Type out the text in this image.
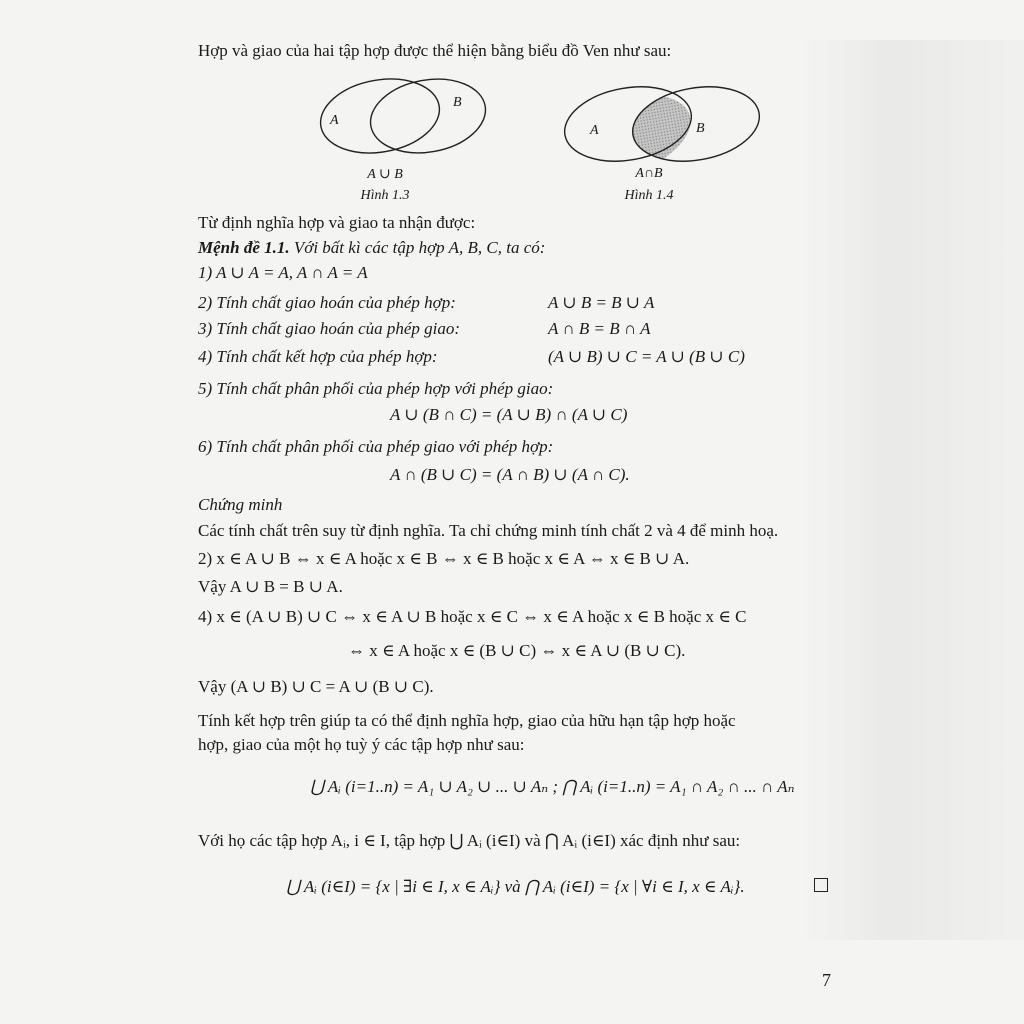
Hợp và giao của hai tập hợp được thể hiện bằng biểu đồ Ven như sau:
A
B
A ∪ B
Hình 1.3
A	B
A∩B
Hình 1.4
Từ định nghĩa hợp và giao ta nhận được:
Mệnh đề 1.1. Với bất kì các tập hợp A, B, C, ta có:
1) A ∪ A = A, A ∩ A = A
2) Tính chất giao hoán của phép hợp:	A ∪ B = B ∪ A
3) Tính chất giao hoán của phép giao:	A ∩ B = B ∩ A
4) Tính chất kết hợp của phép hợp:	(A ∪ B) ∪ C = A ∪ (B ∪ C)
5) Tính chất phân phối của phép hợp với phép giao:
A ∪ (B ∩ C) = (A ∪ B) ∩ (A ∪ C)
6) Tính chất phân phối của phép giao với phép hợp:
A ∩ (B ∪ C) = (A ∩ B) ∪ (A ∩ C).
Chứng minh
Các tính chất trên suy từ định nghĩa. Ta chỉ chứng minh tính chất 2 và 4 để minh hoạ.
2) x ∈ A ∪ B ⇔ x ∈ A hoặc x ∈ B ⇔ x ∈ B hoặc x ∈ A ⇔ x ∈ B ∪ A.
Vậy A ∪ B = B ∪ A.
4) x ∈ (A ∪ B) ∪ C ⇔ x ∈ A ∪ B hoặc x ∈ C ⇔ x ∈ A hoặc x ∈ B hoặc x ∈ C
⇔ x ∈ A hoặc x ∈ (B ∪ C) ⇔ x ∈ A ∪ (B ∪ C).
Vậy (A ∪ B) ∪ C = A ∪ (B ∪ C).
Tính kết hợp trên giúp ta có thể định nghĩa hợp, giao của hữu hạn tập hợp hoặc
hợp, giao của một họ tuỳ ý các tập hợp như sau:
⋃ Aᵢ (i=1..n) = A₁ ∪ A₂ ∪ ... ∪ Aₙ ; ⋂ Aᵢ (i=1..n) = A₁ ∩ A₂ ∩ ... ∩ Aₙ
Với họ các tập hợp Aᵢ, i ∈ I, tập hợp ⋃ Aᵢ (i∈I) và ⋂ Aᵢ (i∈I) xác định như sau:
⋃ Aᵢ (i∈I) = {x | ∃i ∈ I, x ∈ Aᵢ} và ⋂ Aᵢ (i∈I) = {x | ∀i ∈ I, x ∈ Aᵢ}.
7
